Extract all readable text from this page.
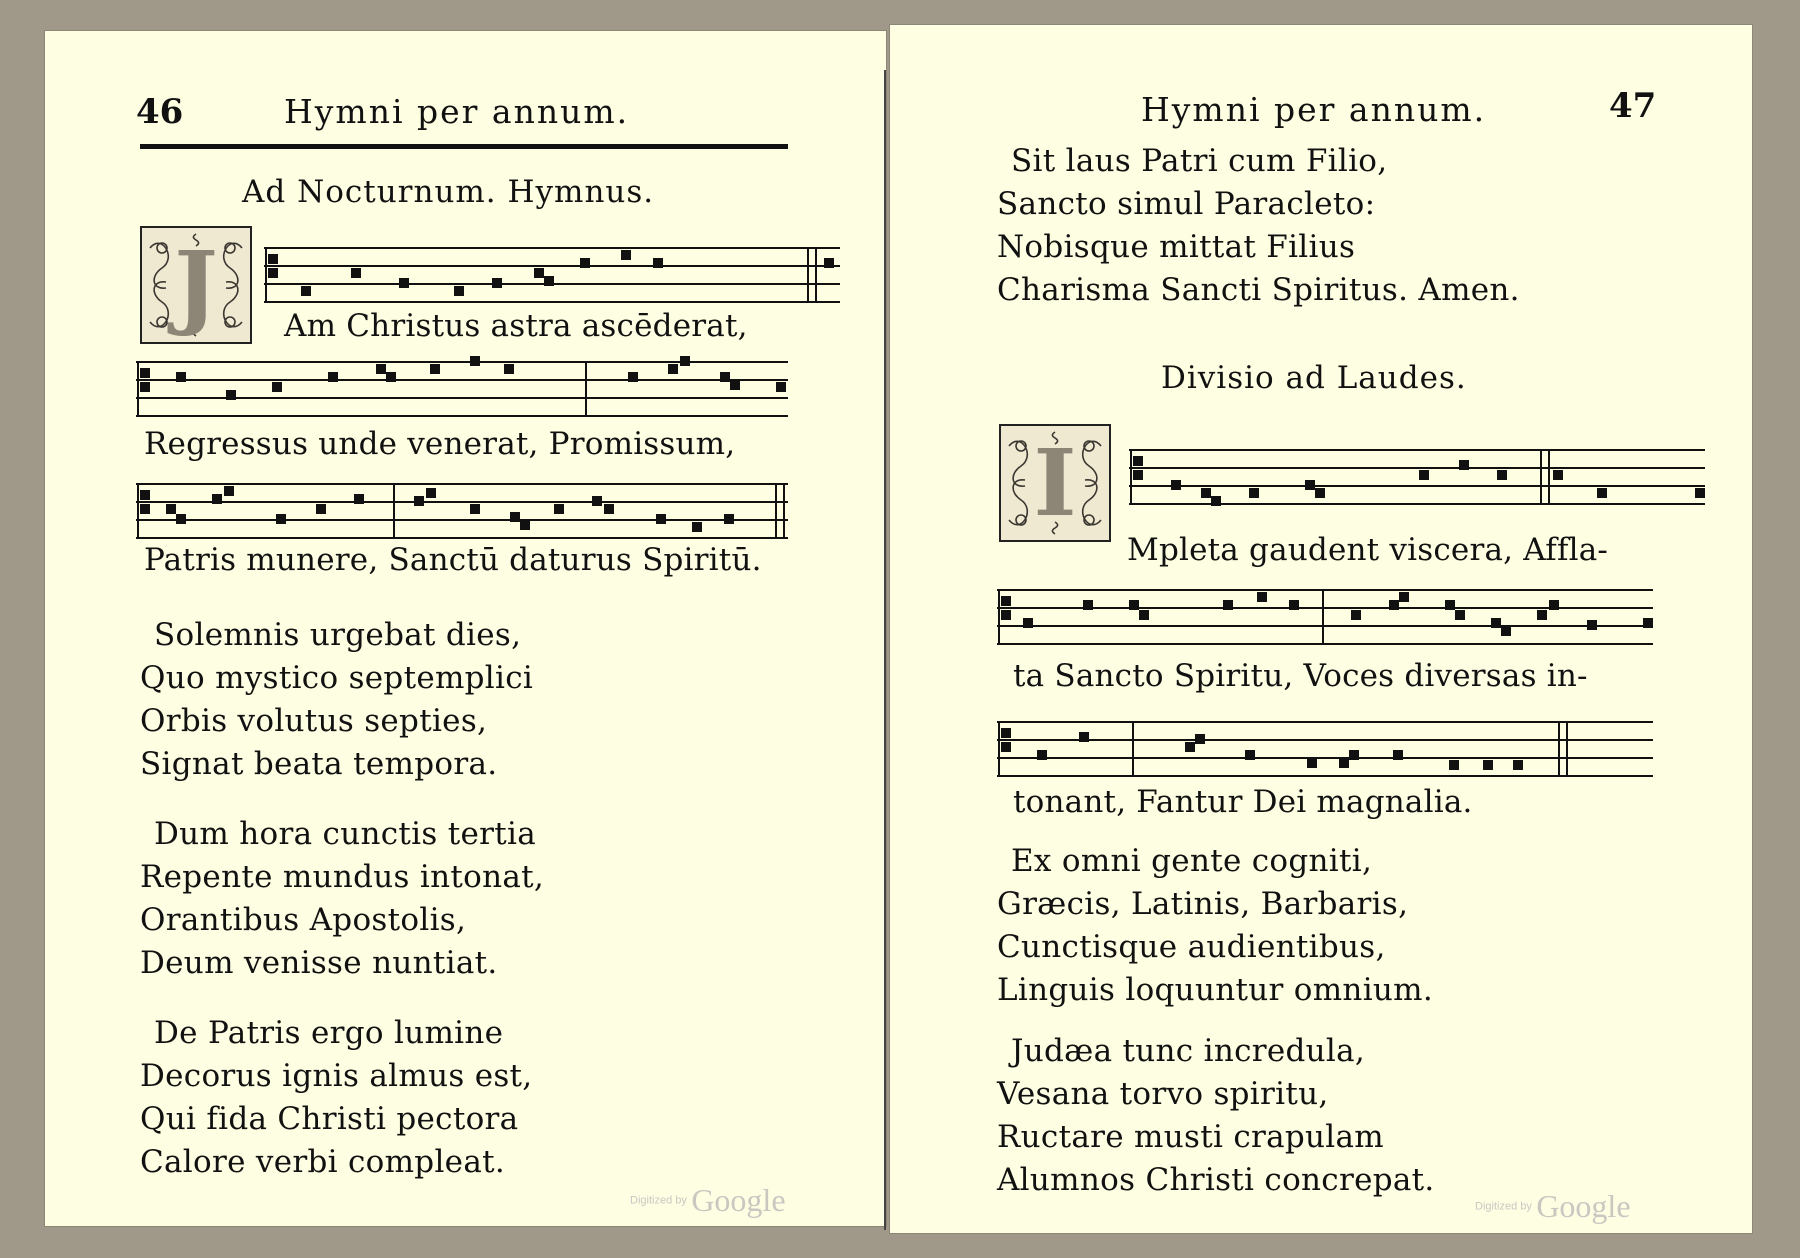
46	Hymni per annum.
Ad Nocturnum. Hymnus.
J Am Christus astra ascēderat,
Regressus unde venerat, Promissum,
Patris munere, Sanctū daturus Spiritū.
Solemnis urgebat dies,
Quo mystico septemplici
Orbis volutus septies,
Signat beata tempora.
Dum hora cunctis tertia
Repente mundus intonat,
Orantibus Apostolis,
Deum venisse nuntiat.
De Patris ergo lumine
Decorus ignis almus est,
Qui fida Christi pectora
Calore verbi compleat.
Digitized by Google
Hymni per annum.	47
Sit laus Patri cum Filio,
Sancto simul Paracleto:
Nobisque mittat Filius
Charisma Sancti Spiritus. Amen.
Divisio ad Laudes.
I
Mpleta gaudent viscera, Affla-
ta Sancto Spiritu, Voces diversas in-
tonant, Fantur Dei magnalia.
Ex omni gente cogniti,
Græcis, Latinis, Barbaris,
Cunctisque audientibus,
Linguis loquuntur omnium.
Judæa tunc incredula,
Vesana torvo spiritu,
Ructare musti crapulam
Alumnos Christi concrepat.
Digitized by Google
